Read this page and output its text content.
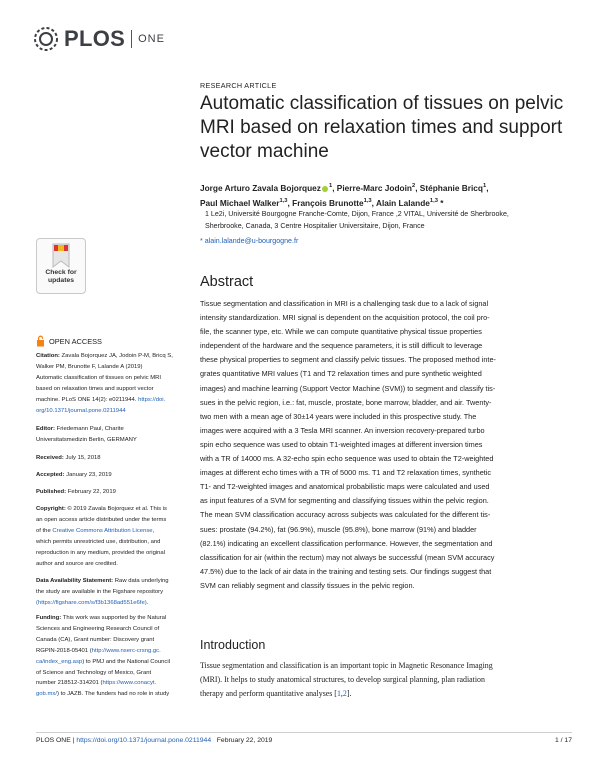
PLOS ONE
RESEARCH ARTICLE
Automatic classification of tissues on pelvic
MRI based on relaxation times and support
vector machine
Jorge Arturo Zavala Bojorquez $^1$, Pierre-Marc Jodoin$^2$, Stéphanie Bricq$^1$,
Paul Michael Walker$^{1,3}$, François Brunotte$^{1,3}$, Alain Lalande$^{1,3}$ *
1 Le2i, Université Bourgogne Franche-Comte, Dijon, France ,2 VITAL, Université de Sherbrooke,
Sherbrooke, Canada, 3 Centre Hospitalier Universitaire, Dijon, France
* alain.lalande@u-bourgogne.fr
Check for
updates
OPEN ACCESS
Citation: Zavala Bojorquez JA, Jodoin P-M, Bricq S,
Walker PM, Brunotte F, Lalande A (2019)
Automatic classification of tissues on pelvic MRI
based on relaxation times and support vector
machine. PLoS ONE 14(2): e0211944. https://doi.
org/10.1371/journal.pone.0211944
Editor: Friedemann Paul, Charite
Universitatsmedizin Berlin, GERMANY
Received: July 15, 2018
Accepted: January 23, 2019
Published: February 22, 2019
Copyright: © 2019 Zavala Bojorquez et al. This is
an open access article distributed under the terms
of the Creative Commons Attribution License,
which permits unrestricted use, distribution, and
reproduction in any medium, provided the original
author and source are credited.
Data Availability Statement: Raw data underlying
the study are available in the Figshare repository
(https://figshare.com/s/f3b1368ad551e6fe).
Funding: This work was supported by the Natural
Sciences and Engineering Research Council of
Canada (CA), Grant number: Discovery grant
RGPIN-2018-05401 (http://www.nserc-crsng.gc.
ca/index_eng.asp) to PMJ and the National Council
of Science and Technology of Mexico, Grant
number 218512-314201 (https://www.conacyt.
gob.mx/) to JAZB. The funders had no role in study
Abstract
Tissue segmentation and classification in MRI is a challenging task due to a lack of signal
intensity standardization. MRI signal is dependent on the acquisition protocol, the coil pro-
file, the scanner type, etc. While we can compute quantitative physical tissue properties
independent of the hardware and the sequence parameters, it is still difficult to leverage
these physical properties to segment and classify pelvic tissues. The proposed method inte-
grates quantitative MRI values (T1 and T2 relaxation times and pure synthetic weighted
images) and machine learning (Support Vector Machine (SVM)) to segment and classify tis-
sues in the pelvic region, i.e.: fat, muscle, prostate, bone marrow, bladder, and air. Twenty-
two men with a mean age of 30±14 years were included in this prospective study. The
images were acquired with a 3 Tesla MRI scanner. An inversion recovery-prepared turbo
spin echo sequence was used to obtain T1-weighted images at different inversion times
with a TR of 14000 ms. A 32-echo spin echo sequence was used to obtain the T2-weighted
images at different echo times with a TR of 5000 ms. T1 and T2 relaxation times, synthetic
T1- and T2-weighted images and anatomical probabilistic maps were calculated and used
as input features of a SVM for segmenting and classifying tissues within the pelvic region.
The mean SVM classification accuracy across subjects was calculated for the different tis-
sues: prostate (94.2%), fat (96.9%), muscle (95.8%), bone marrow (91%) and bladder
(82.1%) indicating an excellent classification performance. However, the segmentation and
classification for air (within the rectum) may not always be successful (mean SVM accuracy
47.5%) due to the lack of air data in the training and testing sets. Our findings suggest that
SVM can reliably segment and classify tissues in the pelvic region.
Introduction
Tissue segmentation and classification is an important topic in Magnetic Resonance Imaging
(MRI). It helps to study anatomical structures, to develop surgical planning, plan radiation
therapy and perform quantitative analyses [1,2].
PLOS ONE | https://doi.org/10.1371/journal.pone.0211944   February 22, 2019	1 / 17
